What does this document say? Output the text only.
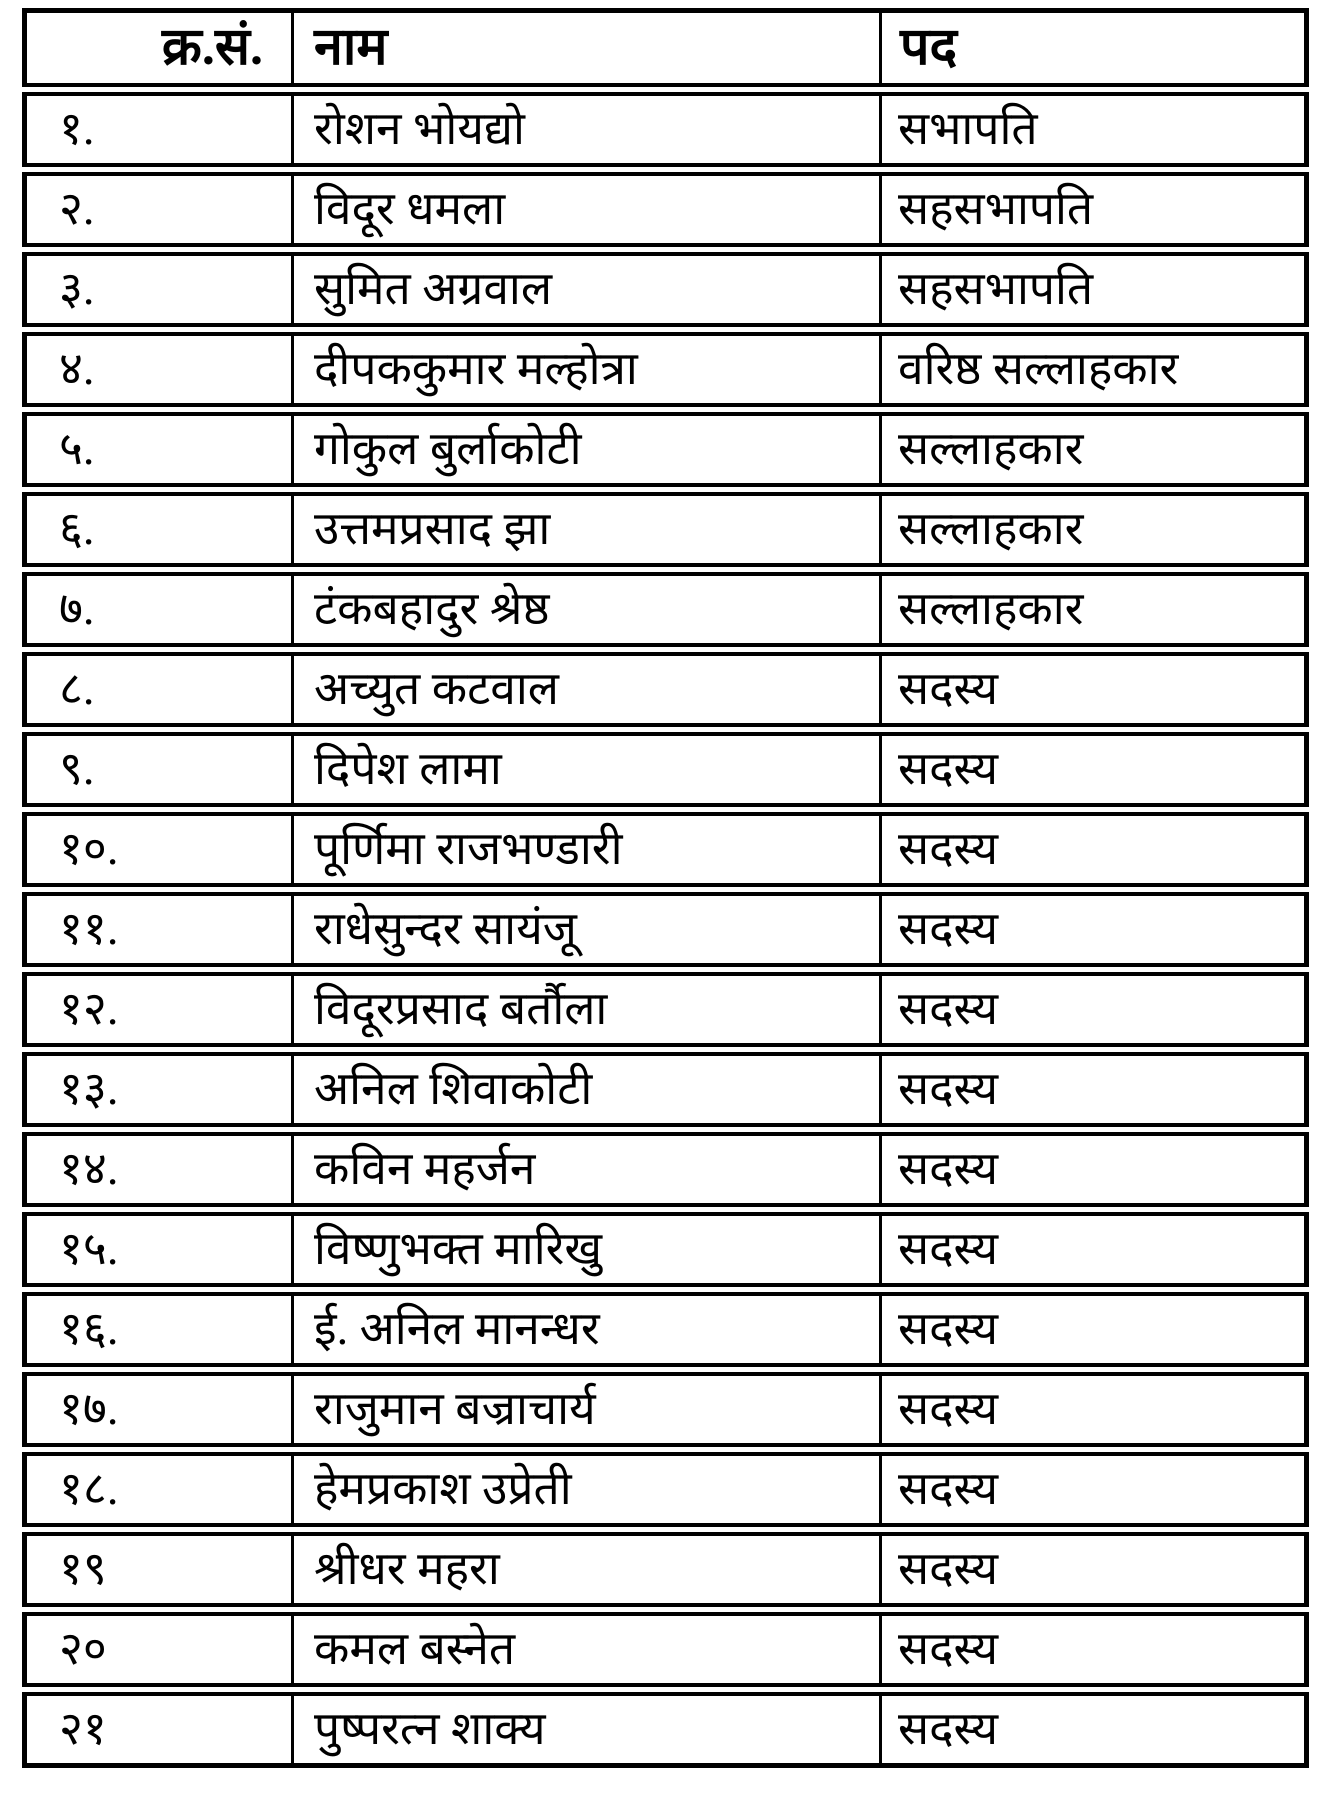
क्र.सं.	नाम	पद
१.	रोशन भोयद्यो	सभापति
२.	विदूर धमला	सहसभापति
३.	सुमित अग्रवाल	सहसभापति
४.	दीपककुमार मल्होत्रा	वरिष्ठ सल्लाहकार
५.	गोकुल बुर्लाकोटी	सल्लाहकार
६.	उत्तमप्रसाद झा	सल्लाहकार
७.	टंकबहादुर श्रेष्ठ	सल्लाहकार
८.	अच्युत कटवाल	सदस्य
९.	दिपेश लामा	सदस्य
१०.	पूर्णिमा राजभण्डारी	सदस्य
११.	राधेसुन्दर सायंजू	सदस्य
१२.	विदूरप्रसाद बर्तौला	सदस्य
१३.	अनिल शिवाकोटी	सदस्य
१४.	कविन महर्जन	सदस्य
१५.	विष्णुभक्त मारिखु	सदस्य
१६.	ई. अनिल मानन्धर	सदस्य
१७.	राजुमान बज्राचार्य	सदस्य
१८.	हेमप्रकाश उप्रेती	सदस्य
१९	श्रीधर महरा	सदस्य
२०	कमल बस्नेत	सदस्य
२१	पुष्परत्न शाक्य	सदस्य
